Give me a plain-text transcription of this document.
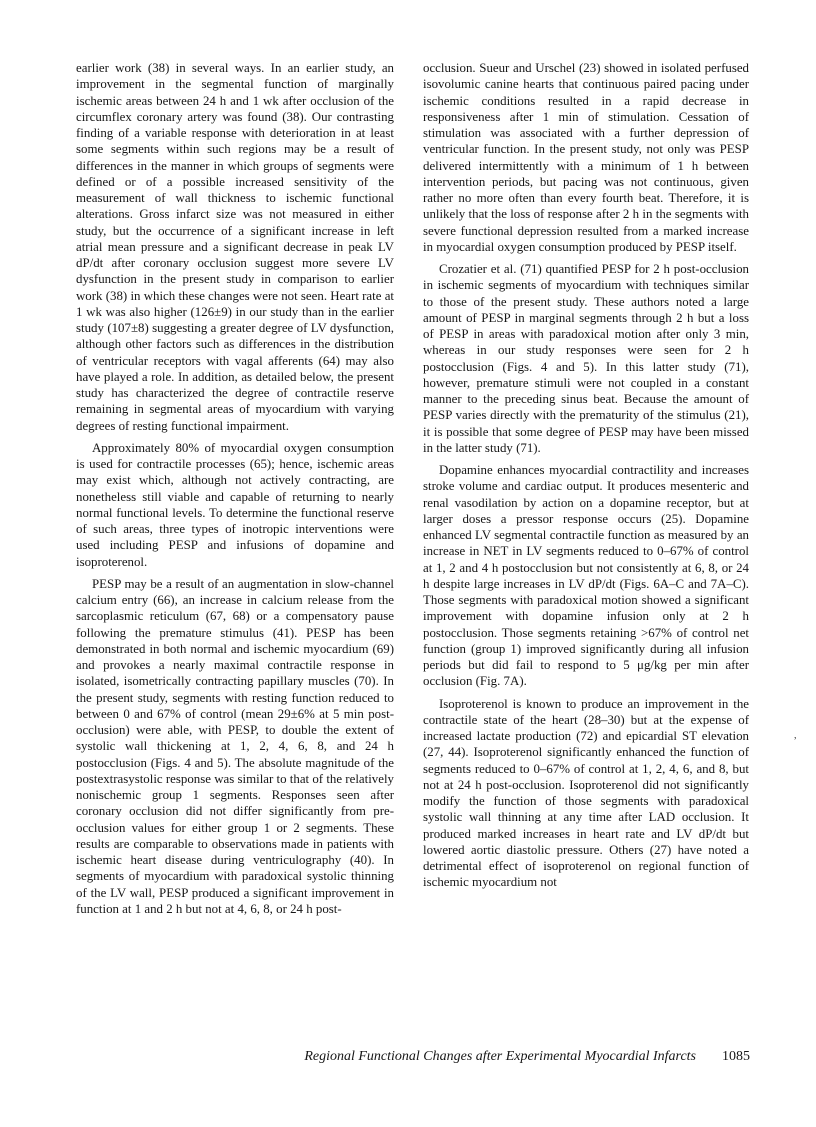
earlier work (38) in several ways. In an earlier study, an improvement in the segmental function of marginally ischemic areas between 24 h and 1 wk after occlusion of the circumflex coronary artery was found (38). Our contrasting finding of a variable response with deterioration in at least some segments within such regions may be a result of differences in the manner in which groups of segments were defined or of a possible increased sensitivity of the measurement of wall thickness to ischemic functional alterations. Gross infarct size was not measured in either study, but the occurrence of a significant increase in left atrial mean pressure and a significant decrease in peak LV dP/dt after coronary occlusion suggest more severe LV dysfunction in the present study in comparison to earlier work (38) in which these changes were not seen. Heart rate at 1 wk was also higher (126±9) in our study than in the earlier study (107±8) suggesting a greater degree of LV dysfunction, although other factors such as differences in the distribution of ventricular receptors with vagal afferents (64) may also have played a role. In addition, as detailed below, the present study has characterized the degree of contractile reserve remaining in segmental areas of myocardium with varying degrees of resting functional impairment.

Approximately 80% of myocardial oxygen consumption is used for contractile processes (65); hence, ischemic areas may exist which, although not actively contracting, are nonetheless still viable and capable of returning to nearly normal functional levels. To determine the functional reserve of such areas, three types of inotropic interventions were used including PESP and infusions of dopamine and isoproterenol.

PESP may be a result of an augmentation in slow-channel calcium entry (66), an increase in calcium release from the sarcoplasmic reticulum (67, 68) or a compensatory pause following the premature stimulus (41). PESP has been demonstrated in both normal and ischemic myocardium (69) and provokes a nearly maximal contractile response in isolated, isometrically contracting papillary muscles (70). In the present study, segments with resting function reduced to between 0 and 67% of control (mean 29±6% at 5 min post-occlusion) were able, with PESP, to double the extent of systolic wall thickening at 1, 2, 4, 6, 8, and 24 h postocclusion (Figs. 4 and 5). The absolute magnitude of the postextrasystolic response was similar to that of the relatively nonischemic group 1 segments. Responses seen after coronary occlusion did not differ significantly from pre-occlusion values for either group 1 or 2 segments. These results are comparable to observations made in patients with ischemic heart disease during ventriculography (40). In segments of myocardium with paradoxical systolic thinning of the LV wall, PESP produced a significant improvement in function at 1 and 2 h but not at 4, 6, 8, or 24 h post-

occlusion. Sueur and Urschel (23) showed in isolated perfused isovolumic canine hearts that continuous paired pacing under ischemic conditions resulted in a rapid decrease in responsiveness after 1 min of stimulation. Cessation of stimulation was associated with a further depression of ventricular function. In the present study, not only was PESP delivered intermittently with a minimum of 1 h between intervention periods, but pacing was not continuous, given rather no more often than every fourth beat. Therefore, it is unlikely that the loss of response after 2 h in the segments with severe functional depression resulted from a marked increase in myocardial oxygen consumption produced by PESP itself.

Crozatier et al. (71) quantified PESP for 2 h post-occlusion in ischemic segments of myocardium with techniques similar to those of the present study. These authors noted a large amount of PESP in marginal segments through 2 h but a loss of PESP in areas with paradoxical motion after only 3 min, whereas in our study responses were seen for 2 h postocclusion (Figs. 4 and 5). In this latter study (71), however, premature stimuli were not coupled in a constant manner to the preceding sinus beat. Because the amount of PESP varies directly with the prematurity of the stimulus (21), it is possible that some degree of PESP may have been missed in the latter study (71).

Dopamine enhances myocardial contractility and increases stroke volume and cardiac output. It produces mesenteric and renal vasodilation by action on a dopamine receptor, but at larger doses a pressor response occurs (25). Dopamine enhanced LV segmental contractile function as measured by an increase in NET in LV segments reduced to 0–67% of control at 1, 2 and 4 h postocclusion but not consistently at 6, 8, or 24 h despite large increases in LV dP/dt (Figs. 6A–C and 7A–C). Those segments with paradoxical motion showed a significant improvement with dopamine infusion only at 2 h postocclusion. Those segments retaining >67% of control net function (group 1) improved significantly during all infusion periods but did fail to respond to 5 μg/kg per min after occlusion (Fig. 7A).

Isoproterenol is known to produce an improvement in the contractile state of the heart (28–30) but at the expense of increased lactate production (72) and epicardial ST elevation (27, 44). Isoproterenol significantly enhanced the function of segments reduced to 0–67% of control at 1, 2, 4, 6, and 8, but not at 24 h post-occlusion. Isoproterenol did not significantly modify the function of those segments with paradoxical systolic wall thinning at any time after LAD occlusion. It produced marked increases in heart rate and LV dP/dt but lowered aortic diastolic pressure. Others (27) have noted a detrimental effect of isoproterenol on regional function of ischemic myocardium not

,
Regional Functional Changes after Experimental Myocardial Infarcts 1085
